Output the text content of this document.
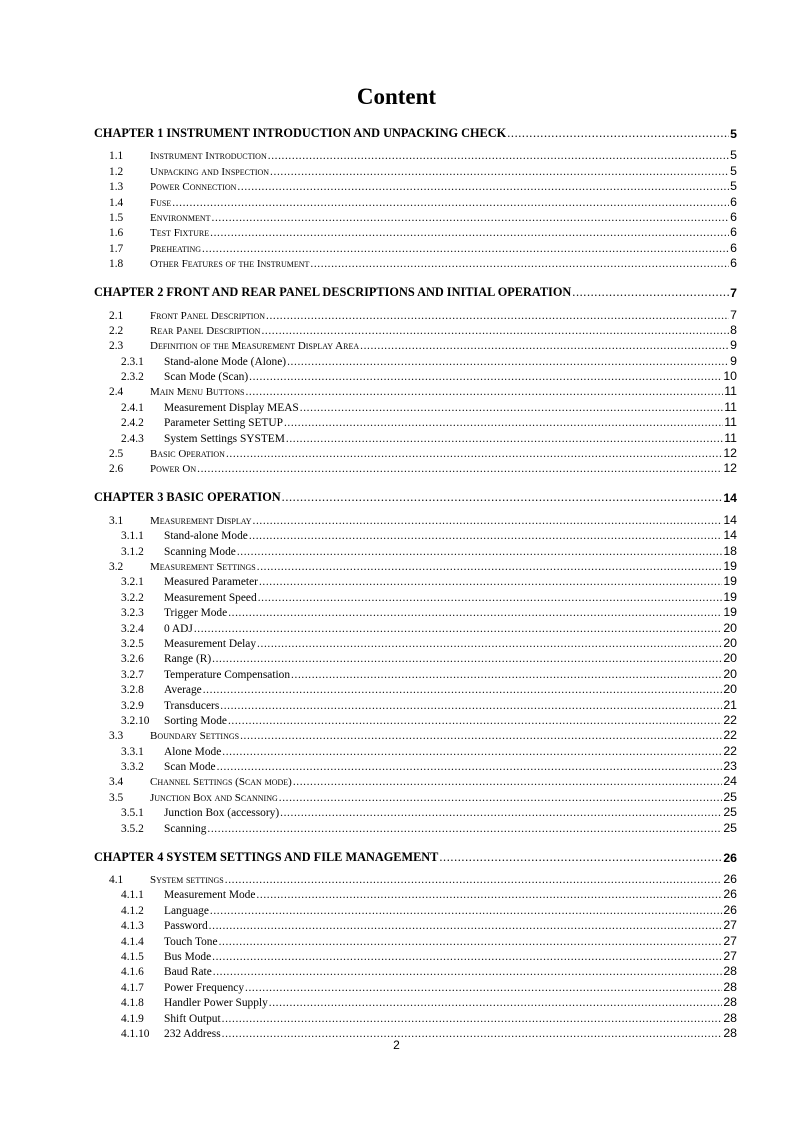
Content
CHAPTER 1 INSTRUMENT INTRODUCTION AND UNPACKING CHECK .....	5
1.1	Instrument Introduction .....	5
1.2	Unpacking and Inspection .....	5
1.3	Power Connection .....	5
1.4	Fuse .....	6
1.5	Environment .....	6
1.6	Test Fixture .....	6
1.7	Preheating .....	6
1.8	Other Features of the Instrument .....	6
CHAPTER 2 FRONT AND REAR PANEL DESCRIPTIONS AND INITIAL OPERATION .....	7
2.1	Front Panel Description .....	7
2.2	Rear Panel Description .....	8
2.3	Definition of the Measurement Display Area .....	9
2.3.1	Stand-alone Mode (Alone) .....	9
2.3.2	Scan Mode (Scan) .....	10
2.4	Main Menu Buttons .....	11
2.4.1	Measurement Display MEAS .....	11
2.4.2	Parameter Setting SETUP .....	11
2.4.3	System Settings SYSTEM .....	11
2.5	Basic Operation .....	12
2.6	Power On .....	12
CHAPTER 3 BASIC OPERATION .....	14
3.1	Measurement Display .....	14
3.1.1	Stand-alone Mode .....	14
3.1.2	Scanning Mode .....	18
3.2	Measurement Settings .....	19
3.2.1	Measured Parameter .....	19
3.2.2	Measurement Speed .....	19
3.2.3	Trigger Mode .....	19
3.2.4	0 ADJ .....	20
3.2.5	Measurement Delay .....	20
3.2.6	Range (R) .....	20
3.2.7	Temperature Compensation .....	20
3.2.8	Average .....	20
3.2.9	Transducers .....	21
3.2.10	Sorting Mode .....	22
3.3	Boundary Settings .....	22
3.3.1	Alone Mode .....	22
3.3.2	Scan Mode .....	23
3.4	Channel Settings (Scan mode) .....	24
3.5	Junction Box and Scanning .....	25
3.5.1	Junction Box (accessory) .....	25
3.5.2	Scanning .....	25
CHAPTER 4 SYSTEM SETTINGS AND FILE MANAGEMENT .....	26
4.1	System settings .....	26
4.1.1	Measurement Mode .....	26
4.1.2	Language .....	26
4.1.3	Password .....	27
4.1.4	Touch Tone .....	27
4.1.5	Bus Mode .....	27
4.1.6	Baud Rate .....	28
4.1.7	Power Frequency .....	28
4.1.8	Handler Power Supply .....	28
4.1.9	Shift Output .....	28
4.1.10	232 Address .....	28
2
